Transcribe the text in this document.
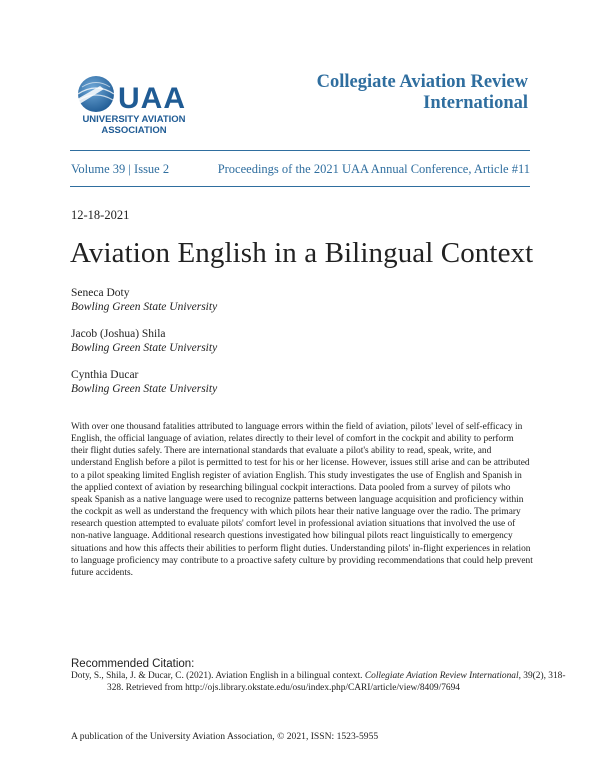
UAA
UNIVERSITY AVIATION
ASSOCIATION
Collegiate Aviation Review
International
Volume 39 | Issue 2	Proceedings of the 2021 UAA Annual Conference, Article #11
12-18-2021
Aviation English in a Bilingual Context
Seneca Doty
Bowling Green State University
Jacob (Joshua) Shila
Bowling Green State University
Cynthia Ducar
Bowling Green State University
With over one thousand fatalities attributed to language errors within the field of aviation, pilots' level of self-efficacy in English, the official language of aviation, relates directly to their level of comfort in the cockpit and ability to perform their flight duties safely. There are international standards that evaluate a pilot's ability to read, speak, write, and understand English before a pilot is permitted to test for his or her license. However, issues still arise and can be attributed to a pilot speaking limited English register of aviation English. This study investigates the use of English and Spanish in the applied context of aviation by researching bilingual cockpit interactions. Data pooled from a survey of pilots who speak Spanish as a native language were used to recognize patterns between language acquisition and proficiency within the cockpit as well as understand the frequency with which pilots hear their native language over the radio. The primary research question attempted to evaluate pilots' comfort level in professional aviation situations that involved the use of non-native language. Additional research questions investigated how bilingual pilots react linguistically to emergency situations and how this affects their abilities to perform flight duties. Understanding pilots' in-flight experiences in relation to language proficiency may contribute to a proactive safety culture by providing recommendations that could help prevent future accidents.
Recommended Citation:
Doty, S., Shila, J. & Ducar, C. (2021). Aviation English in a bilingual context. Collegiate Aviation Review International, 39(2), 318-328. Retrieved from http://ojs.library.okstate.edu/osu/index.php/CARI/article/view/8409/7694
A publication of the University Aviation Association, © 2021, ISSN: 1523-5955
